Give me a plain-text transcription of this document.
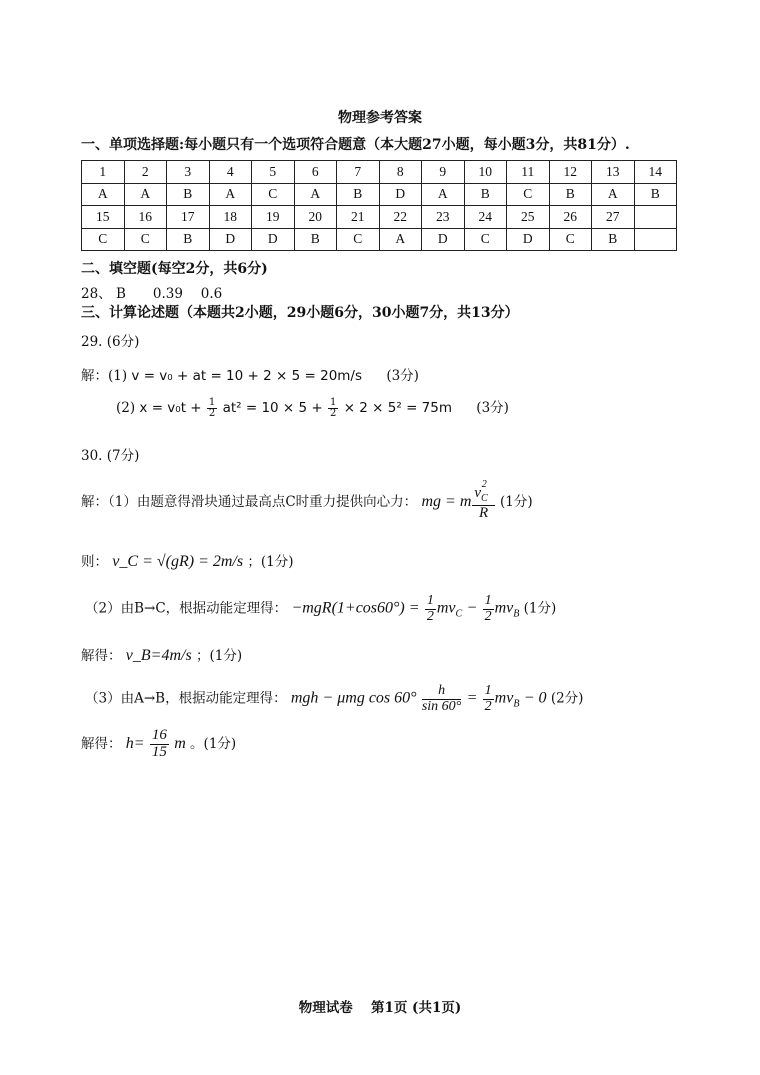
物理参考答案
一、单项选择题:每小题只有一个选项符合题意（本大题27小题，每小题3分，共81分）.
1	2	3	4	5	6	7	8	9	10	11	12	13	14
A	A	B	A	C	A	B	D	A	B	C	B	A	B
15	16	17	18	19	20	21	22	23	24	25	26	27	
C	C	B	D	D	B	C	A	D	C	D	C	B	
二、填空题(每空2分，共6分)
28、 B　　0.39　 0.6
三、计算论述题（本题共2小题，29小题6分，30小题7分，共13分）
29. (6分)
解：(1) v = v₀ + at = 10 + 2 × 5 = 20m/s (3分)
(2) $x = v_0t + \frac{1}{2} at^2 = 10 \times 5 + \frac{1}{2} \times 2 \times 5^2 = 75m$ (3分)
30. (7分)
解：（1）由题意得滑块通过最高点C时重力提供向心力： mg = m $\frac{v_C^2}{R} (1$分)
则： v_C = √(gR) = 2m/s ；(1分)
（2）由B→C，根据动能定理得： $-mgR(1+\cos 60^\circ) = \frac{1}{2} mv_C - \frac{1}{2} mv_B$ (1分)
解得： v_B=4m/s ；(1分)
（3）由A→B，根据动能定理得： mgh − μmg $\cos 60^\circ \frac{h}{\sin 60^\circ} = \frac{1}{2} mv_B - 0$ (2分)
解得： $h= \frac{16}{15}$ m 。(1分)
物理试卷　 第1页 (共1页)
